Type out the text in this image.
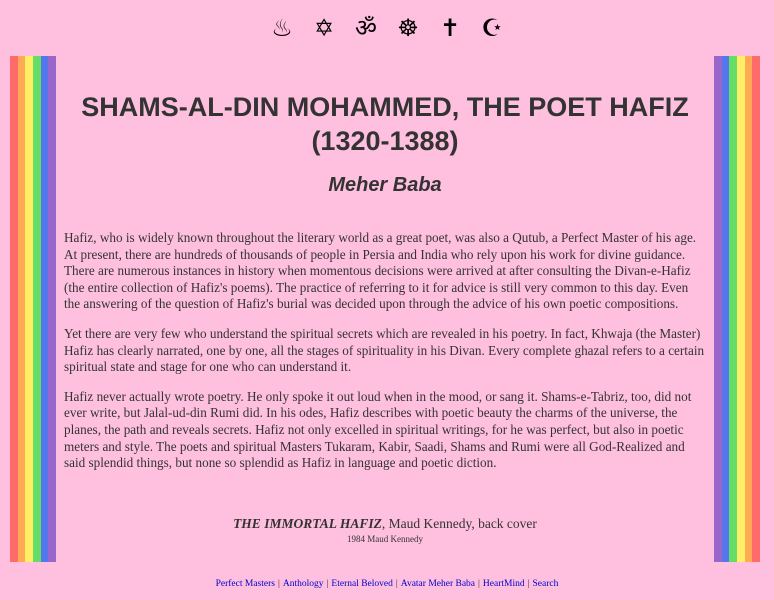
♨ ✡ ॐ ☸ ✝ ☪
SHAMS-AL-DIN MOHAMMED, THE POET HAFIZ
(1320-1388)
Meher Baba

Hafiz, who is widely known throughout the literary world as a great poet, was also a Qutub, a Perfect Master of his age. At present, there are hundreds of thousands of people in Persia and India who rely upon his work for divine guidance. There are numerous instances in history when momentous decisions were arrived at after consulting the Divan-e-Hafiz (the entire collection of Hafiz's poems). The practice of referring to it for advice is still very common to this day. Even the answering of the question of Hafiz's burial was decided upon through the advice of his own poetic compositions.

Yet there are very few who understand the spiritual secrets which are revealed in his poetry. In fact, Khwaja (the Master) Hafiz has clearly narrated, one by one, all the stages of spirituality in his Divan. Every complete ghazal refers to a certain spiritual state and stage for one who can understand it.

Hafiz never actually wrote poetry. He only spoke it out loud when in the mood, or sang it. Shams-e-Tabriz, too, did not ever write, but Jalal-ud-din Rumi did. In his odes, Hafiz describes with poetic beauty the charms of the universe, the planes, the path and reveals secrets. Hafiz not only excelled in spiritual writings, for he was perfect, but also in poetic meters and style. The poets and spiritual Masters Tukaram, Kabir, Saadi, Shams and Rumi were all God-Realized and said splendid things, but none so splendid as Hafiz in language and poetic diction.

THE IMMORTAL HAFIZ, Maud Kennedy, back cover
1984 Maud Kennedy
Perfect Masters | Anthology | Eternal Beloved | Avatar Meher Baba | HeartMind | Search
